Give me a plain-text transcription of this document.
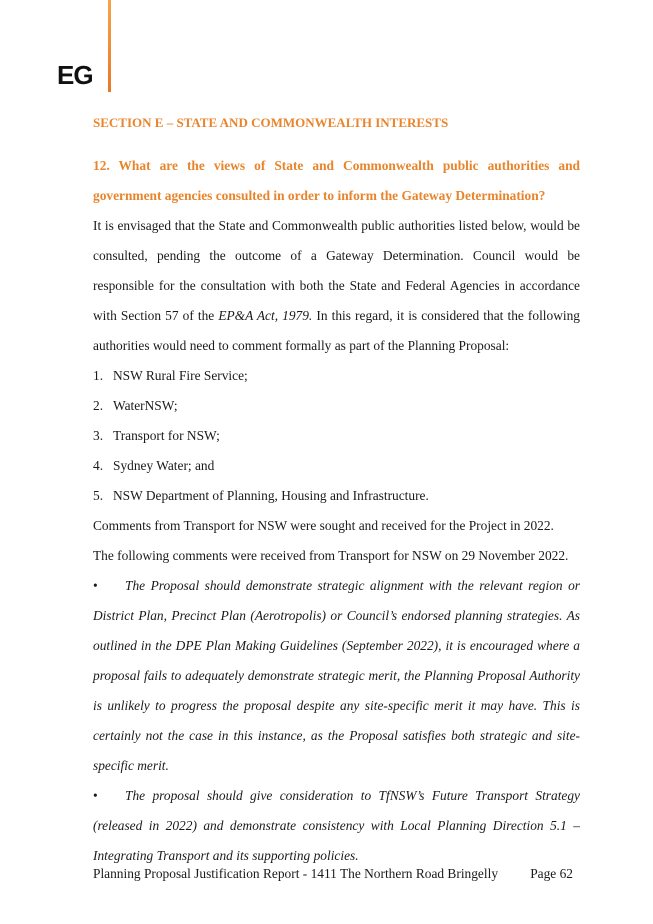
EG
SECTION E – STATE AND COMMONWEALTH INTERESTS

12. What are the views of State and Commonwealth public authorities and government agencies consulted in order to inform the Gateway Determination?

It is envisaged that the State and Commonwealth public authorities listed below, would be consulted, pending the outcome of a Gateway Determination. Council would be responsible for the consultation with both the State and Federal Agencies in accordance with Section 57 of the EP&A Act, 1979. In this regard, it is considered that the following authorities would need to comment formally as part of the Planning Proposal:

1. NSW Rural Fire Service;
2. WaterNSW;
3. Transport for NSW;
4. Sydney Water; and
5. NSW Department of Planning, Housing and Infrastructure.

Comments from Transport for NSW were sought and received for the Project in 2022.

The following comments were received from Transport for NSW on 29 November 2022.

• The Proposal should demonstrate strategic alignment with the relevant region or District Plan, Precinct Plan (Aerotropolis) or Council’s endorsed planning strategies. As outlined in the DPE Plan Making Guidelines (September 2022), it is encouraged where a proposal fails to adequately demonstrate strategic merit, the Planning Proposal Authority is unlikely to progress the proposal despite any site-specific merit it may have. This is certainly not the case in this instance, as the Proposal satisfies both strategic and site-specific merit.

• The proposal should give consideration to TfNSW’s Future Transport Strategy (released in 2022) and demonstrate consistency with Local Planning Direction 5.1 – Integrating Transport and its supporting policies.

Planning Proposal Justification Report - 1411 The Northern Road Bringelly Page 62
